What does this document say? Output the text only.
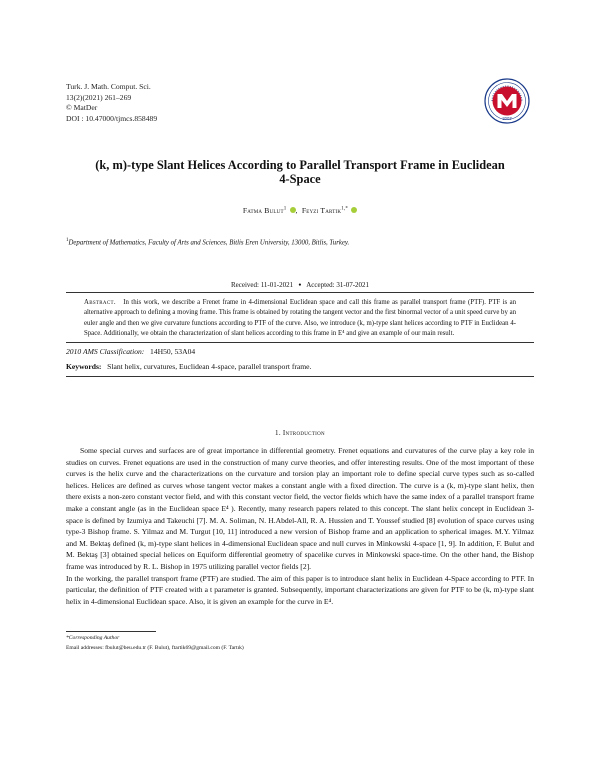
Turk. J. Math. Comput. Sci.
13(2)(2021) 261–269
© MatDer
DOI : 10.47000/tjmcs.858489	2007
(k, m)-type Slant Helices According to Parallel Transport Frame in Euclidean
4-Space
Fatma Bulut$^1$ ,  Feyzi Tartik$^{1,*}$
$^1$Department of Mathematics, Faculty of Arts and Sciences, Bitlis Eren University, 13000, Bitlis, Turkey.
Received: 11-01-2021 ● Accepted: 31-07-2021
Abstract. In this work, we describe a Frenet frame in 4-dimensional Euclidean space and call this frame as parallel transport frame (PTF). PTF is an alternative approach to defining a moving frame. This frame is obtained by rotating the tangent vector and the first binormal vector of a unit speed curve by an euler angle and then we give curvature functions according to PTF of the curve. Also, we introduce (k, m)-type slant helices according to PTF in Euclidean 4-Space. Additionally, we obtain the characterization of slant helices according to this frame in E⁴ and give an example of our main result.
2010 AMS Classification: 14H50, 53A04
Keywords: Slant helix, curvatures, Euclidean 4-space, parallel transport frame.
1. Introduction

Some special curves and surfaces are of great importance in differential geometry. Frenet equations and curvatures of the curve play a key role in studies on curves. Frenet equations are used in the construction of many curve theories, and offer interesting results. One of the most important of these curves is the helix curve and the characterizations on the curvature and torsion play an important role to define special curve types such as so-called helices. Helices are defined as curves whose tangent vector makes a constant angle with a fixed direction. The curve is a (k, m)-type slant helix, then there exists a non-zero constant vector field, and with this constant vector field, the vector fields which have the same index of a parallel transport frame make a constant angle (as in the Euclidean space E⁴ ). Recently, many research papers related to this concept. The slant helix concept in Euclidean 3-space is defined by Izumiya and Takeuchi [7]. M. A. Soliman, N. H.Abdel-All, R. A. Hussien and T. Youssef studied [8] evolution of space curves using type-3 Bishop frame. S. Yilmaz and M. Turgut [10, 11] introduced a new version of Bishop frame and an application to spherical images. M.Y. Yilmaz and M. Bektaş defined (k, m)-type slant helices in 4-dimensional Euclidean space and null curves in Minkowski 4-space [1, 9]. In addition, F. Bulut and M. Bektaş [3] obtained special helices on Equiform differential geometry of spacelike curves in Minkowski space-time. On the other hand, the Bishop frame was introduced by R. L. Bishop in 1975 utilizing parallel vector fields [2].

In the working, the parallel transport frame (PTF) are studied. The aim of this paper is to introduce slant helix in Euclidean 4-Space according to PTF. In particular, the definition of PTF created with a t parameter is granted. Subsequently, important characterizations are given for PTF to be (k, m)-type slant helix in 4-dimensional Euclidean space. Also, it is given an example for the curve in E⁴.

*Corresponding Author
Email addresses: fbulut@beu.edu.tr (F. Bulut), ftartik69@gmail.com (F. Tartık)
